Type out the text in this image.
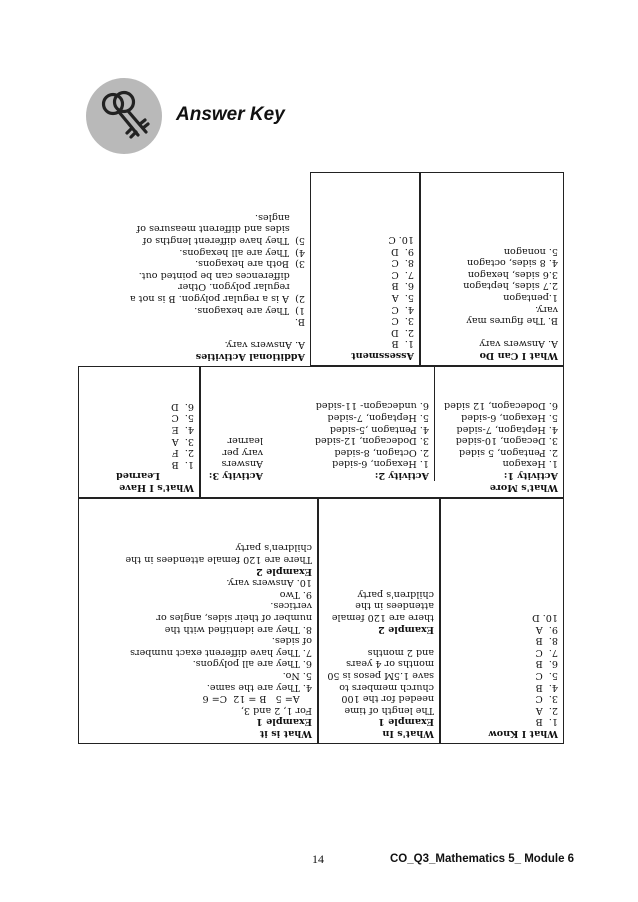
Answer Key
What I Know
1.  B
2.  A
3.  C
4.  B
5.  C
6.  B
7.  C
8.  B
9.  A
10. D
What's In
Example 1
The length of time
needed for the 100
church members to
save 1.5M pesos is 50
months or 4 years
and 2 months

Example 2
there are 120 female
attendees in the
children's party
What is it
Example 1
For 1, 2 and 3,
A= 5   B = 12  C= 6
4. They are the same.
5. No.
6. They are all polygons.
7. They have different exact numbers
of sides.
8. They are identified with the
number of their sides, angles or
vertices.
9. Two
10. Answers vary.
Example 2
There are 120 female attendees in the
children's party
What's More
Activity 1:
1. Hexagon
2. Pentagon, 5 sided
3. Decagon, 10-sided
4. Heptagon, 7-sided
5. Hexagon, 6-sided
6. Dodecagon, 12 sided
Activity 2:
1. Hexagon, 6-sided
2. Octagon, 8-sided
3. Dodecagon, 12-sided
4. Pentagon ,5-sided
5. Heptagon, 7-sided
6. undecagon- 11-sided
Activity 3:
Answers
vary per
learner
What's I Have
Learned
1.  B
2.  F
3.  A
4.  E
5.  C
6.  D
What I Can Do
A. Answers vary

B. The figures may
vary.
1.pentagon
2.7 sides, heptagon
3.6 sides, hexagon
4. 8 sides, octagon
5. nonagon
Assessment
1.  B
2.  D
3.  C
4.  C
5.  A
6.  B
7.  C
8.  C
9.  D
10. C
Additional Activities
A. Answers vary.

B.
1)  They are hexagons.
2)  A is a regular polygon. B is not a
regular polygon. Other
differences can be pointed out.
3)  Both are hexagons.
4)  They are all hexagons.
5)  They have different lengths of
sides and different measures of
angles.
14	CO_Q3_Mathematics 5_ Module 6
